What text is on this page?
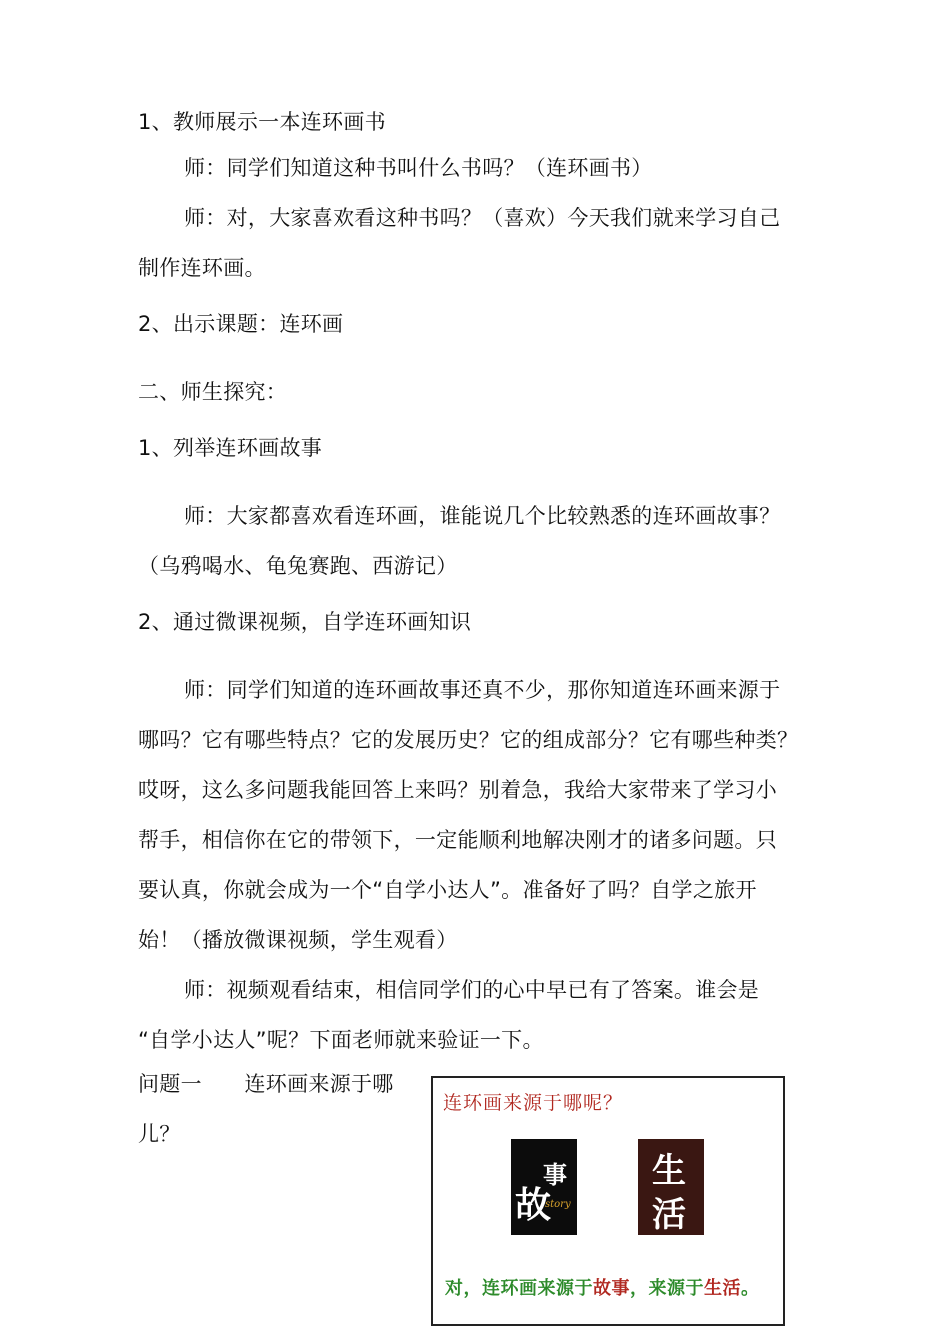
1、教师展示一本连环画书
师：同学们知道这种书叫什么书吗？（连环画书）
师：对，大家喜欢看这种书吗？（喜欢）今天我们就来学习自己
制作连环画。
2、出示课题：连环画
二、师生探究：
1、列举连环画故事
师：大家都喜欢看连环画，谁能说几个比较熟悉的连环画故事？
（乌鸦喝水、龟兔赛跑、西游记）
2、通过微课视频，自学连环画知识
师：同学们知道的连环画故事还真不少，那你知道连环画来源于
哪吗？它有哪些特点？它的发展历史？它的组成部分？它有哪些种类？
哎呀，这么多问题我能回答上来吗？别着急，我给大家带来了学习小
帮手，相信你在它的带领下，一定能顺利地解决刚才的诸多问题。只
要认真，你就会成为一个“自学小达人”。准备好了吗？自学之旅开
始！（播放微课视频，学生观看）
师：视频观看结束，相信同学们的心中早已有了答案。谁会是
“自学小达人”呢？下面老师就来验证一下。
问题一　　连环画来源于哪
儿？
连环画来源于哪呢？
故
事
story
生
活
对，连环画来源于故事，来源于生活。
